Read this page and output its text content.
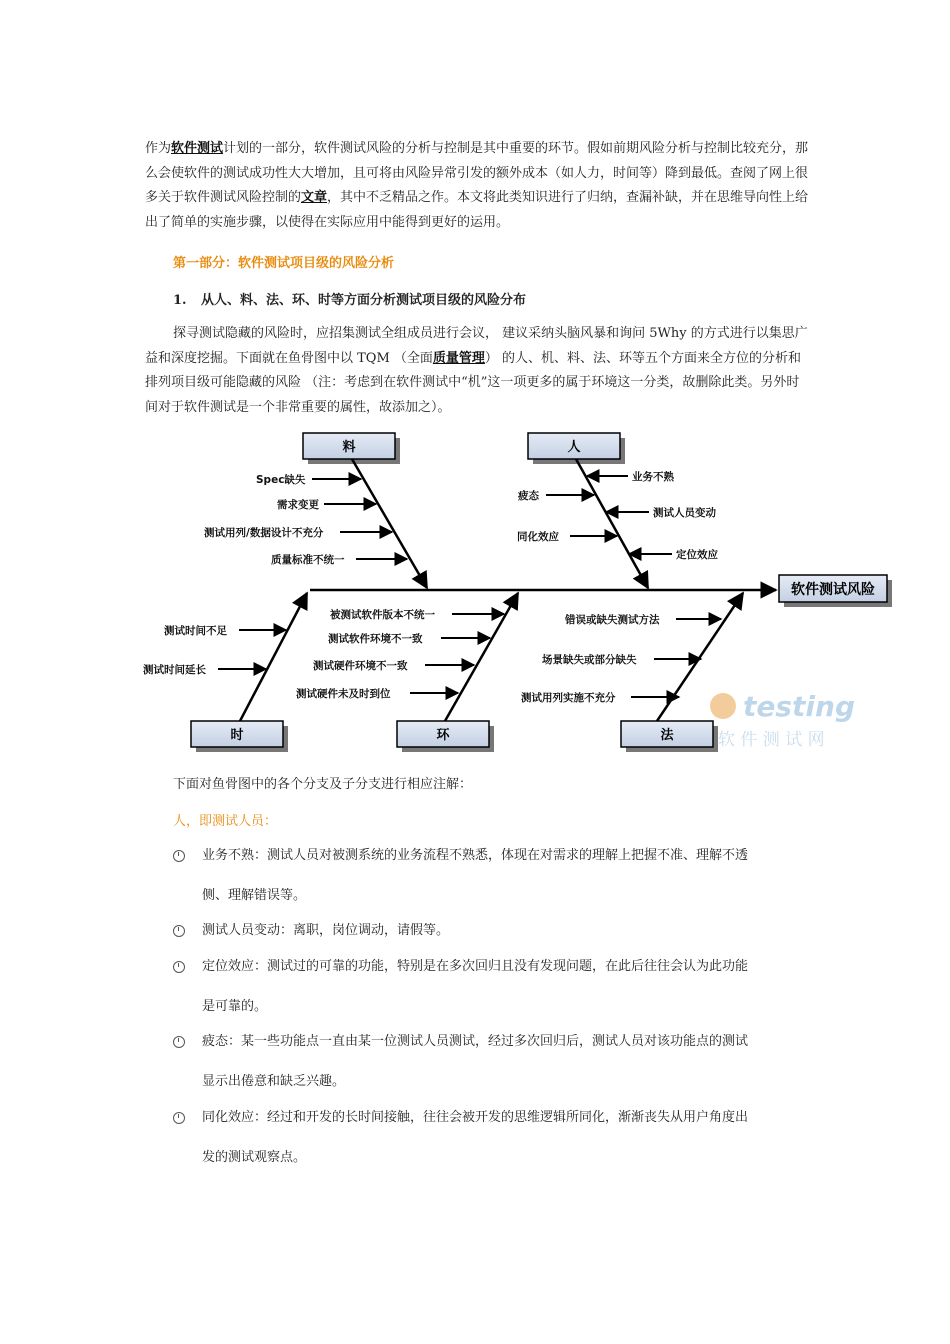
作为软件测试计划的一部分，软件测试风险的分析与控制是其中重要的环节。假如前期风险分析与控制比较充分，那么会使软件的测试成功性大大增加，且可将由风险异常引发的额外成本（如人力，时间等）降到最低。查阅了网上很多关于软件测试风险控制的文章，其中不乏精品之作。本文将此类知识进行了归纳，查漏补缺，并在思维导向性上给出了简单的实施步骤，以使得在实际应用中能得到更好的运用。

第一部分：软件测试项目级的风险分析
1. 从人、料、法、环、时等方面分析测试项目级的风险分布

探寻测试隐藏的风险时，应招集测试全组成员进行会议， 建议采纳头脑风暴和询问 5Why 的方式进行以集思广益和深度挖掘。下面就在鱼骨图中以 TQM （全面质量管理） 的人、机、料、法、环等五个方面来全方位的分析和排列项目级可能隐藏的风险 （注：考虑到在软件测试中“机”这一项更多的属于环境这一分类，故删除此类。另外时间对于软件测试是一个非常重要的属性，故添加之）。

软件测试风险
料	人
时	环	法
Spec缺失
需求变更
测试用列/数据设计不充分
质量标准不统一
疲态
同化效应
业务不熟
测试人员变动
定位效应
测试时间不足
测试时间延长
被测试软件版本不统一
测试软件环境不一致
测试硬件环境不一致
测试硬件未及时到位
错误或缺失测试方法
场景缺失或部分缺失
测试用列实施不充分	testing
软 件 测 试 网
下面对鱼骨图中的各个分支及子分支进行相应注解：
人，即测试人员：
业务不熟：测试人员对被测系统的业务流程不熟悉，体现在对需求的理解上把握不准、理解不透
侧、理解错误等。
测试人员变动：离职，岗位调动，请假等。
定位效应：测试过的可靠的功能，特别是在多次回归且没有发现问题，在此后往往会认为此功能
是可靠的。
疲态：某一些功能点一直由某一位测试人员测试，经过多次回归后，测试人员对该功能点的测试
显示出倦意和缺乏兴趣。
同化效应：经过和开发的长时间接触，往往会被开发的思维逻辑所同化，渐渐丧失从用户角度出
发的测试观察点。
